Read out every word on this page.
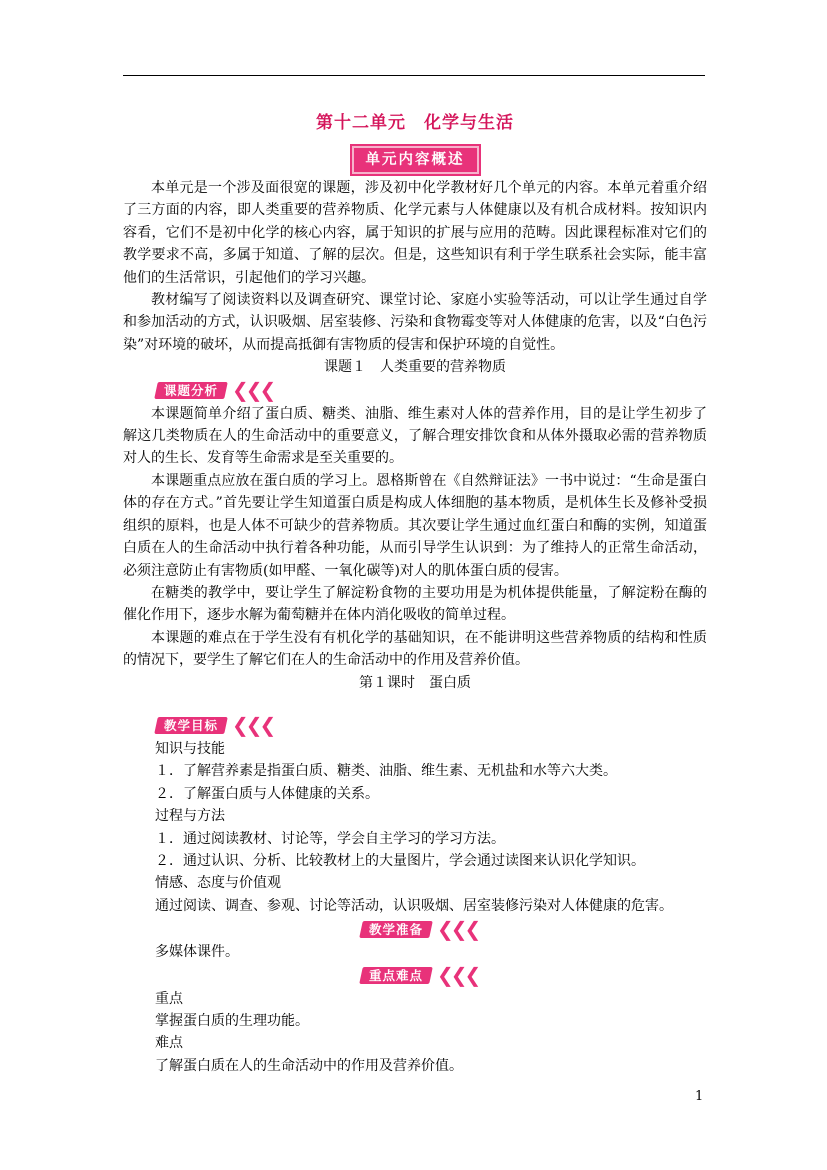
第十二单元　化学与生活
单元内容概述

本单元是一个涉及面很宽的课题，涉及初中化学教材好几个单元的内容。本单元着重介绍了三方面的内容，即人类重要的营养物质、化学元素与人体健康以及有机合成材料。按知识内容看，它们不是初中化学的核心内容，属于知识的扩展与应用的范畴。因此课程标准对它们的教学要求不高，多属于知道、了解的层次。但是，这些知识有利于学生联系社会实际，能丰富他们的生活常识，引起他们的学习兴趣。

教材编写了阅读资料以及调查研究、课堂讨论、家庭小实验等活动，可以让学生通过自学和参加活动的方式，认识吸烟、居室装修、污染和食物霉变等对人体健康的危害，以及“白色污染”对环境的破坏，从而提高抵御有害物质的侵害和保护环境的自觉性。

课题１　人类重要的营养物质

课题分析 ❮❮❮

本课题简单介绍了蛋白质、糖类、油脂、维生素对人体的营养作用，目的是让学生初步了解这几类物质在人的生命活动中的重要意义，了解合理安排饮食和从体外摄取必需的营养物质对人的生长、发育等生命需求是至关重要的。

本课题重点应放在蛋白质的学习上。恩格斯曾在《自然辩证法》一书中说过：“生命是蛋白体的存在方式。”首先要让学生知道蛋白质是构成人体细胞的基本物质，是机体生长及修补受损组织的原料，也是人体不可缺少的营养物质。其次要让学生通过血红蛋白和酶的实例，知道蛋白质在人的生命活动中执行着各种功能，从而引导学生认识到：为了维持人的正常生命活动，必须注意防止有害物质(如甲醛、一氧化碳等)对人的肌体蛋白质的侵害。

在糖类的教学中，要让学生了解淀粉食物的主要功用是为机体提供能量，了解淀粉在酶的催化作用下，逐步水解为葡萄糖并在体内消化吸收的简单过程。

本课题的难点在于学生没有有机化学的基础知识，在不能讲明这些营养物质的结构和性质的情况下，要学生了解它们在人的生命活动中的作用及营养价值。

第１课时　蛋白质

教学目标 ❮❮❮
知识与技能
１．了解营养素是指蛋白质、糖类、油脂、维生素、无机盐和水等六大类。
２．了解蛋白质与人体健康的关系。
过程与方法
１．通过阅读教材、讨论等，学会自主学习的学习方法。
２．通过认识、分析、比较教材上的大量图片，学会通过读图来认识化学知识。
情感、态度与价值观
通过阅读、调查、参观、讨论等活动，认识吸烟、居室装修污染对人体健康的危害。
教学准备 ❮❮❮
多媒体课件。
重点难点 ❮❮❮
重点
掌握蛋白质的生理功能。
难点
了解蛋白质在人的生命活动中的作用及营养价值。
1
